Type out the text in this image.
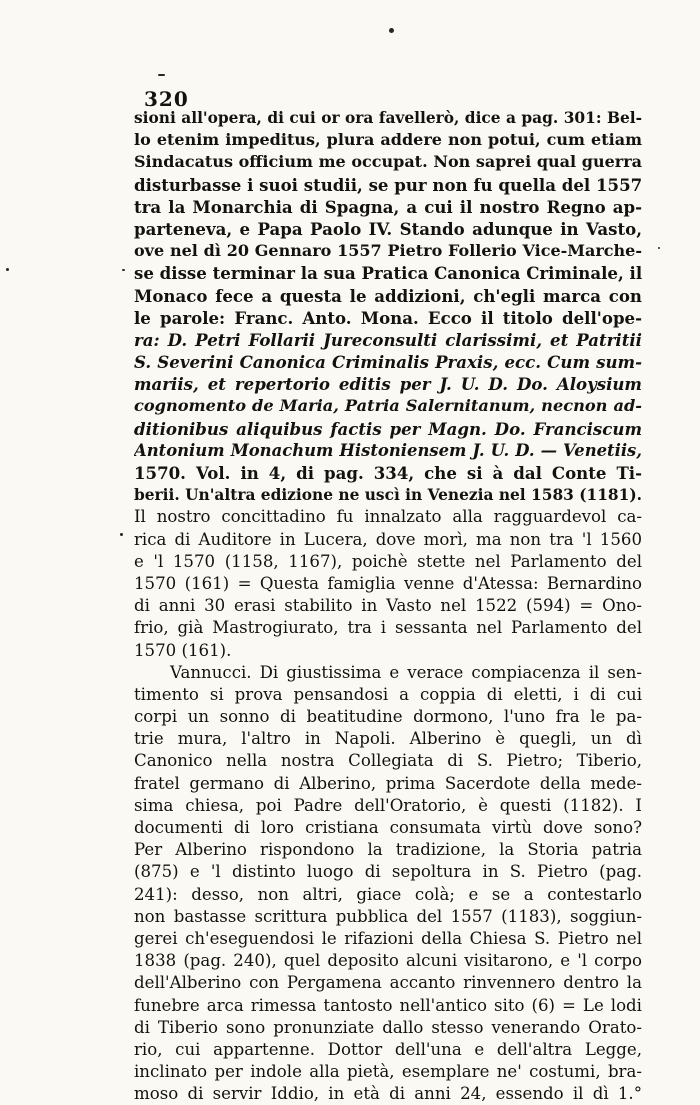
320
sioni all'opera, di cui or ora favellerò, dice a pag. 301: Bel-
lo etenim impeditus, plura addere non potui, cum etiam
Sindacatus officium me occupat. Non saprei qual guerra
disturbasse i suoi studii, se pur non fu quella del 1557
tra la Monarchia di Spagna, a cui il nostro Regno ap-
parteneva, e Papa Paolo IV. Stando adunque in Vasto,
ove nel dì 20 Gennaro 1557 Pietro Follerio Vice-Marche-
se disse terminar la sua Pratica Canonica Criminale, il
Monaco fece a questa le addizioni, ch'egli marca con
le parole: Franc. Anto. Mona. Ecco il titolo dell'ope-
ra: D. Petri Follarii Jureconsulti clarissimi, et Patritii
S. Severini Canonica Criminalis Praxis, ecc. Cum sum-
mariis, et repertorio editis per J. U. D. Do. Aloysium
cognomento de Maria, Patria Salernitanum, necnon ad-
ditionibus aliquibus factis per Magn. Do. Franciscum
Antonium Monachum Histoniensem J. U. D. — Venetiis,
1570. Vol. in 4, di pag. 334, che si à dal Conte Ti-
berii. Un'altra edizione ne uscì in Venezia nel 1583 (1181).
Il nostro concittadino fu innalzato alla ragguardevol ca-
rica di Auditore in Lucera, dove morì, ma non tra 'l 1560
e 'l 1570 (1158, 1167), poichè stette nel Parlamento del
1570 (161) = Questa famiglia venne d'Atessa: Bernardino
di anni 30 erasi stabilito in Vasto nel 1522 (594) = Ono-
frio, già Mastrogiurato, tra i sessanta nel Parlamento del
1570 (161).
Vannucci. Di giustissima e verace compiacenza il sen-
timento si prova pensandosi a coppia di eletti, i di cui
corpi un sonno di beatitudine dormono, l'uno fra le pa-
trie mura, l'altro in Napoli. Alberino è quegli, un dì
Canonico nella nostra Collegiata di S. Pietro; Tiberio,
fratel germano di Alberino, prima Sacerdote della mede-
sima chiesa, poi Padre dell'Oratorio, è questi (1182). I
documenti di loro cristiana consumata virtù dove sono?
Per Alberino rispondono la tradizione, la Storia patria
(875) e 'l distinto luogo di sepoltura in S. Pietro (pag.
241): desso, non altri, giace colà; e se a contestarlo
non bastasse scrittura pubblica del 1557 (1183), soggiun-
gerei ch'eseguendosi le rifazioni della Chiesa S. Pietro nel
1838 (pag. 240), quel deposito alcuni visitarono, e 'l corpo
dell'Alberino con Pergamena accanto rinvennero dentro la
funebre arca rimessa tantosto nell'antico sito (6) = Le lodi
di Tiberio sono pronunziate dallo stesso venerando Orato-
rio, cui appartenne. Dottor dell'una e dell'altra Legge,
inclinato per indole alla pietà, esemplare ne' costumi, bra-
moso di servir Iddio, in età di anni 24, essendo il dì 1.°
